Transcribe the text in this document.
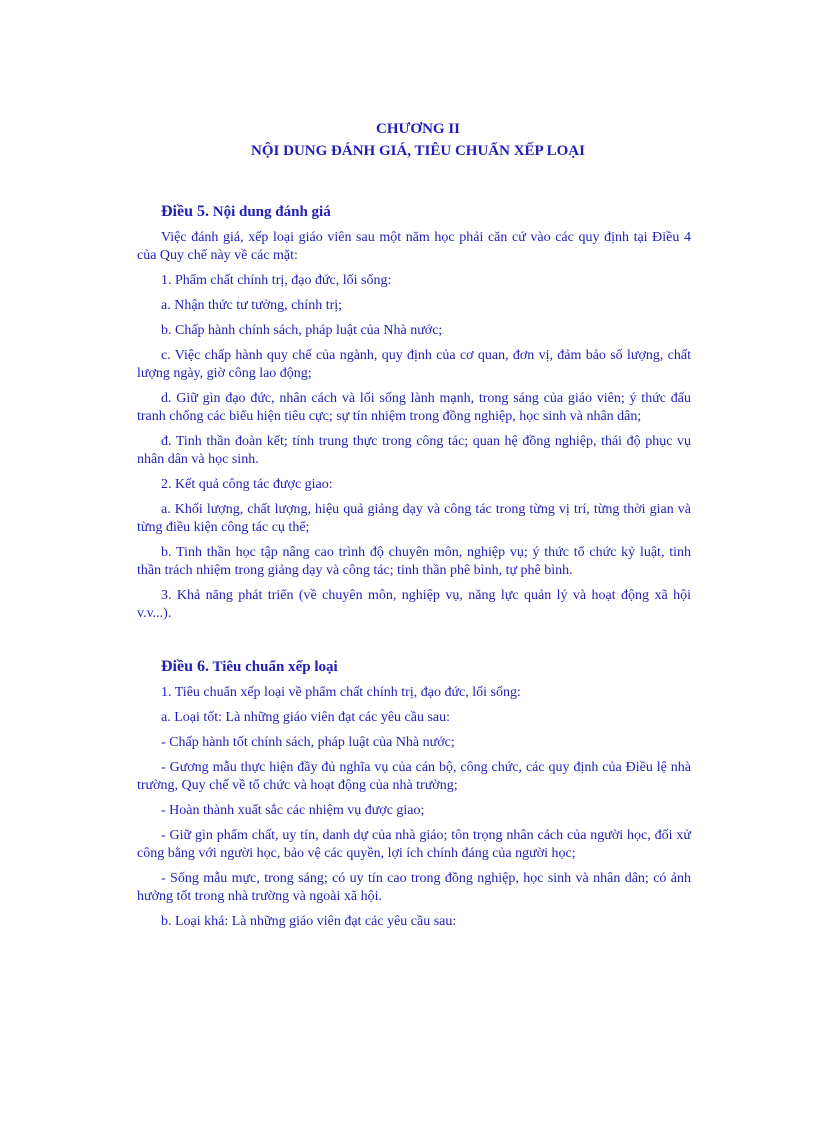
CHƯƠNG II

NỘI DUNG ĐÁNH GIÁ, TIÊU CHUẨN XẾP LOẠI

Điều 5. Nội dung đánh giá

Việc đánh giá, xếp loại giáo viên sau một năm học phải căn cứ vào các quy định tại Điều 4 của Quy chế này về các mặt:

1. Phẩm chất chính trị, đạo đức, lối sống:

a. Nhận thức tư tưởng, chính trị;

b. Chấp hành chính sách, pháp luật của Nhà nước;

c. Việc chấp hành quy chế của ngành, quy định của cơ quan, đơn vị, đảm bảo số lượng, chất lượng ngày, giờ công lao động;

d. Giữ gìn đạo đức, nhân cách và lối sống lành mạnh, trong sáng của giáo viên; ý thức đấu tranh chống các biểu hiện tiêu cực; sự tín nhiệm trong đồng nghiệp, học sinh và nhân dân;

đ. Tinh thần đoàn kết; tính trung thực trong công tác; quan hệ đồng nghiệp, thái độ phục vụ nhân dân và học sinh.

2. Kết quả công tác được giao:

a. Khối lượng, chất lượng, hiệu quả giảng dạy và công tác trong từng vị trí, từng thời gian và từng điều kiện công tác cụ thể;

b. Tinh thần học tập nâng cao trình độ chuyên môn, nghiệp vụ; ý thức tổ chức kỷ luật, tinh thần trách nhiệm trong giảng dạy và công tác; tinh thần phê bình, tự phê bình.

3. Khả năng phát triển (về chuyên môn, nghiệp vụ, năng lực quản lý và hoạt động xã hội v.v...).

Điều 6. Tiêu chuẩn xếp loại

1. Tiêu chuẩn xếp loại về phẩm chất chính trị, đạo đức, lối sống:

a. Loại tốt: Là những giáo viên đạt các yêu cầu sau:

- Chấp hành tốt chính sách, pháp luật của Nhà nước;

- Gương mẫu thực hiện đầy đủ nghĩa vụ của cán bộ, công chức, các quy định của Điều lệ nhà trường, Quy chế về tổ chức và hoạt động của nhà trường;

- Hoàn thành xuất sắc các nhiệm vụ được giao;

- Giữ gìn phẩm chất, uy tín, danh dự của nhà giáo; tôn trọng nhân cách của người học, đối xử công bằng với người học, bảo vệ các quyền, lợi ích chính đáng của người học;

- Sống mẫu mực, trong sáng; có uy tín cao trong đồng nghiệp, học sinh và nhân dân; có ảnh hưởng tốt trong nhà trường và ngoài xã hội.

b. Loại khá: Là những giáo viên đạt các yêu cầu sau:
